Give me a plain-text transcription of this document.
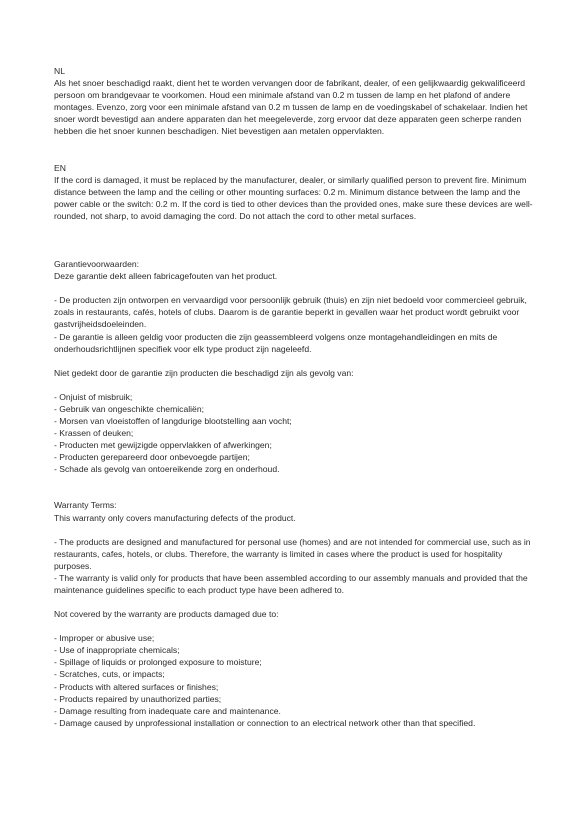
NL

Als het snoer beschadigd raakt, dient het te worden vervangen door de fabrikant, dealer, of een gelijkwaardig gekwalificeerd persoon om brandgevaar te voorkomen. Houd een minimale afstand van 0.2 m tussen de lamp en het plafond of andere montages. Evenzo, zorg voor een minimale afstand van 0.2 m tussen de lamp en de voedingskabel of schakelaar. Indien het snoer wordt bevestigd aan andere apparaten dan het meegeleverde, zorg ervoor dat deze apparaten geen scherpe randen hebben die het snoer kunnen beschadigen. Niet bevestigen aan metalen oppervlakten.

EN

If the cord is damaged, it must be replaced by the manufacturer, dealer, or similarly qualified person to prevent fire. Minimum distance between the lamp and the ceiling or other mounting surfaces: 0.2 m. Minimum distance between the lamp and the power cable or the switch: 0.2 m. If the cord is tied to other devices than the provided ones, make sure these devices are well-rounded, not sharp, to avoid damaging the cord. Do not attach the cord to other metal surfaces.

Garantievoorwaarden:

Deze garantie dekt alleen fabricagefouten van het product.

- De producten zijn ontworpen en vervaardigd voor persoonlijk gebruik (thuis) en zijn niet bedoeld voor commercieel gebruik, zoals in restaurants, cafés, hotels of clubs. Daarom is de garantie beperkt in gevallen waar het product wordt gebruikt voor gastvrijheidsdoeleinden.

- De garantie is alleen geldig voor producten die zijn geassembleerd volgens onze montagehandleidingen en mits de onderhoudsrichtlijnen specifiek voor elk type product zijn nageleefd.

Niet gedekt door de garantie zijn producten die beschadigd zijn als gevolg van:

- Onjuist of misbruik;
- Gebruik van ongeschikte chemicaliën;
- Morsen van vloeistoffen of langdurige blootstelling aan vocht;
- Krassen of deuken;
- Producten met gewijzigde oppervlakken of afwerkingen;
- Producten gerepareerd door onbevoegde partijen;
- Schade als gevolg van ontoereikende zorg en onderhoud.

Warranty Terms:

This warranty only covers manufacturing defects of the product.

- The products are designed and manufactured for personal use (homes) and are not intended for commercial use, such as in restaurants, cafes, hotels, or clubs. Therefore, the warranty is limited in cases where the product is used for hospitality purposes.

- The warranty is valid only for products that have been assembled according to our assembly manuals and provided that the maintenance guidelines specific to each product type have been adhered to.

Not covered by the warranty are products damaged due to:

- Improper or abusive use;
- Use of inappropriate chemicals;
- Spillage of liquids or prolonged exposure to moisture;
- Scratches, cuts, or impacts;
- Products with altered surfaces or finishes;
- Products repaired by unauthorized parties;
- Damage resulting from inadequate care and maintenance.
- Damage caused by unprofessional installation or connection to an electrical network other than that specified.
